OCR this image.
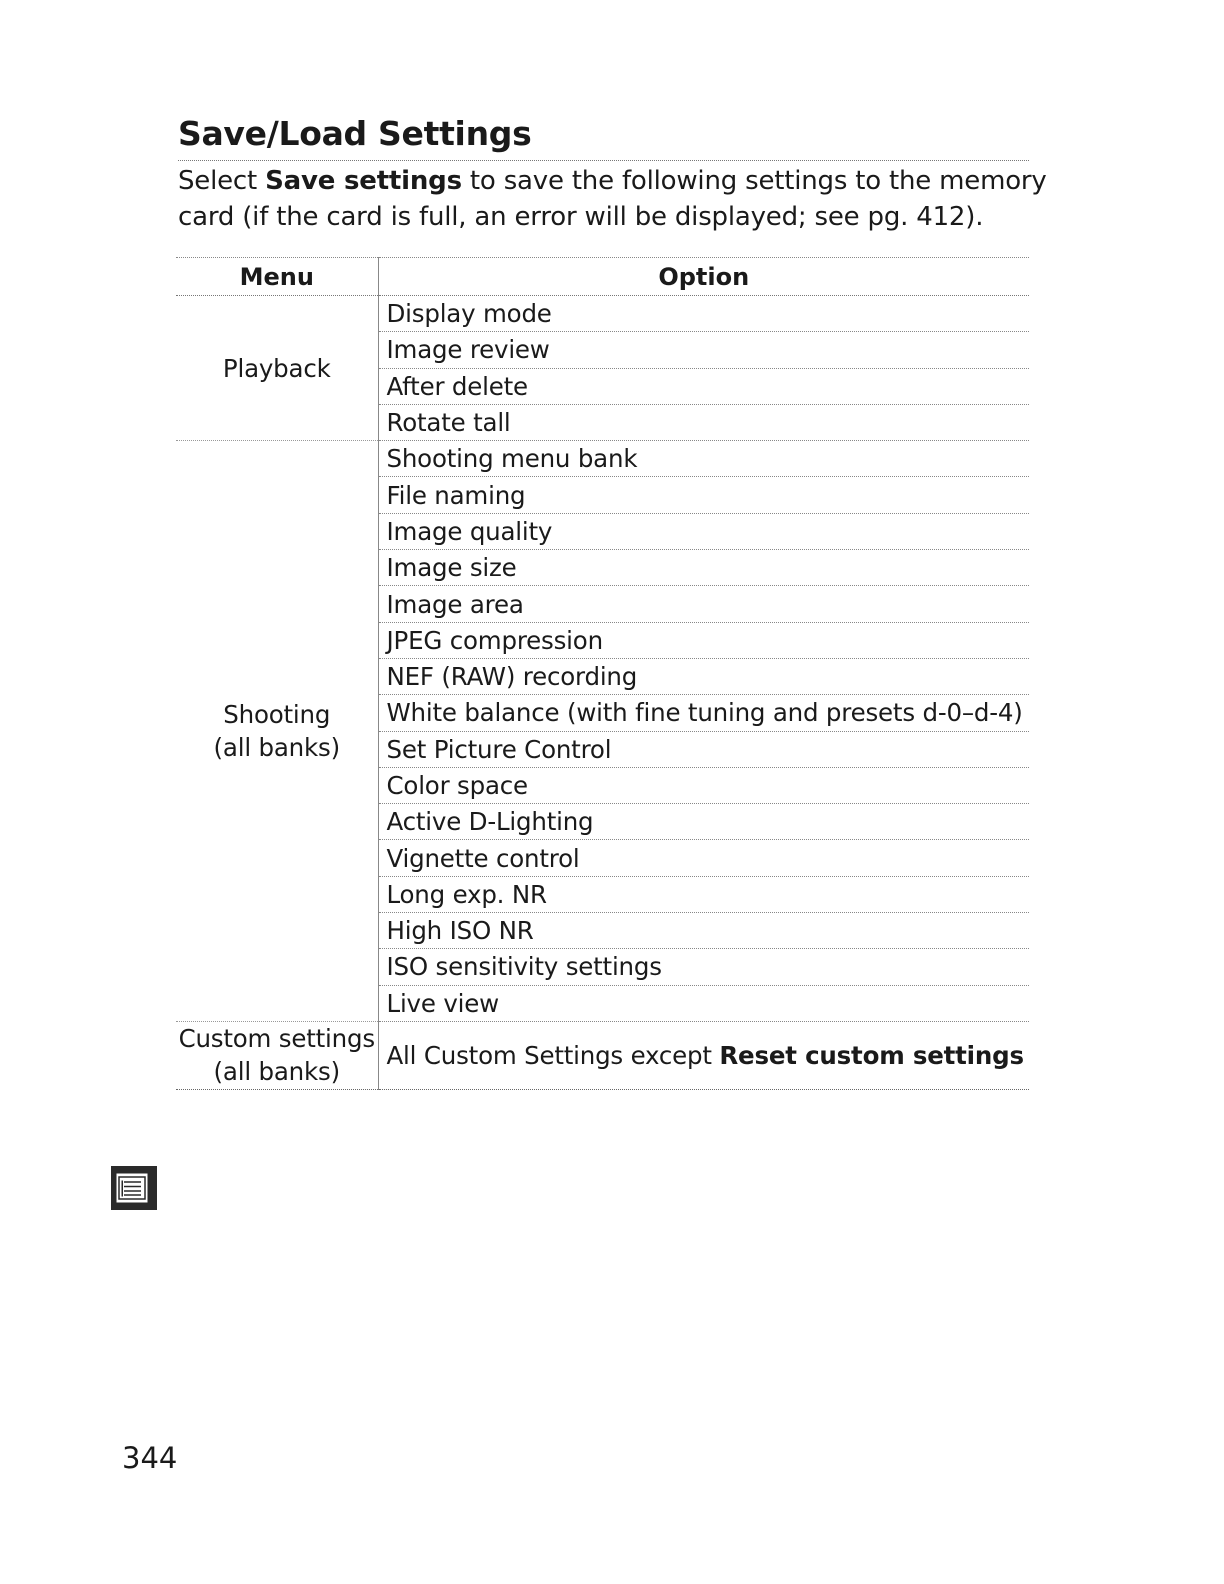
Save/Load Settings

Select Save settings to save the following settings to the memory card (if the card is full, an error will be displayed; see pg. 412).

Menu	Option
Playback	Display mode
	Image review
	After delete
	Rotate tall
Shooting
(all banks)	Shooting menu bank
	File naming
	Image quality
	Image size
	Image area
	JPEG compression
	NEF (RAW) recording
	White balance (with fine tuning and presets d-0–d-4)
	Set Picture Control
	Color space
	Active D-Lighting
	Vignette control
	Long exp. NR
	High ISO NR
	ISO sensitivity settings
	Live view
Custom settings
(all banks)	All Custom Settings except Reset custom settings

344
